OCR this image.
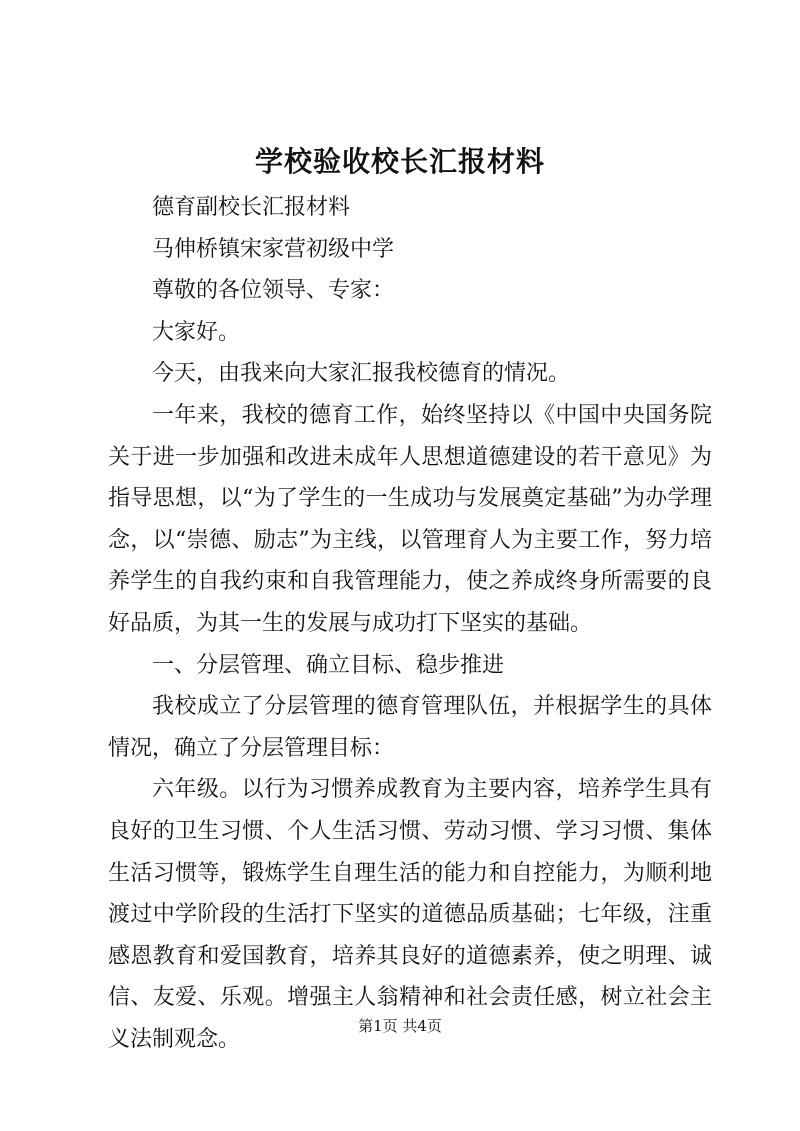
学校验收校长汇报材料

德育副校长汇报材料

马伸桥镇宋家营初级中学

尊敬的各位领导、专家：

大家好。

今天，由我来向大家汇报我校德育的情况。

一年来，我校的德育工作，始终坚持以《中国中央国务院关于进一步加强和改进未成年人思想道德建设的若干意见》为指导思想，以“为了学生的一生成功与发展奠定基础”为办学理念，以“崇德、励志”为主线，以管理育人为主要工作，努力培养学生的自我约束和自我管理能力，使之养成终身所需要的良好品质，为其一生的发展与成功打下坚实的基础。

一、分层管理、确立目标、稳步推进

我校成立了分层管理的德育管理队伍，并根据学生的具体情况，确立了分层管理目标：

六年级。以行为习惯养成教育为主要内容，培养学生具有良好的卫生习惯、个人生活习惯、劳动习惯、学习习惯、集体生活习惯等，锻炼学生自理生活的能力和自控能力，为顺利地渡过中学阶段的生活打下坚实的道德品质基础；七年级，注重感恩教育和爱国教育，培养其良好的道德素养，使之明理、诚信、友爱、乐观。增强主人翁精神和社会责任感，树立社会主义法制观念。

第1页 共4页
